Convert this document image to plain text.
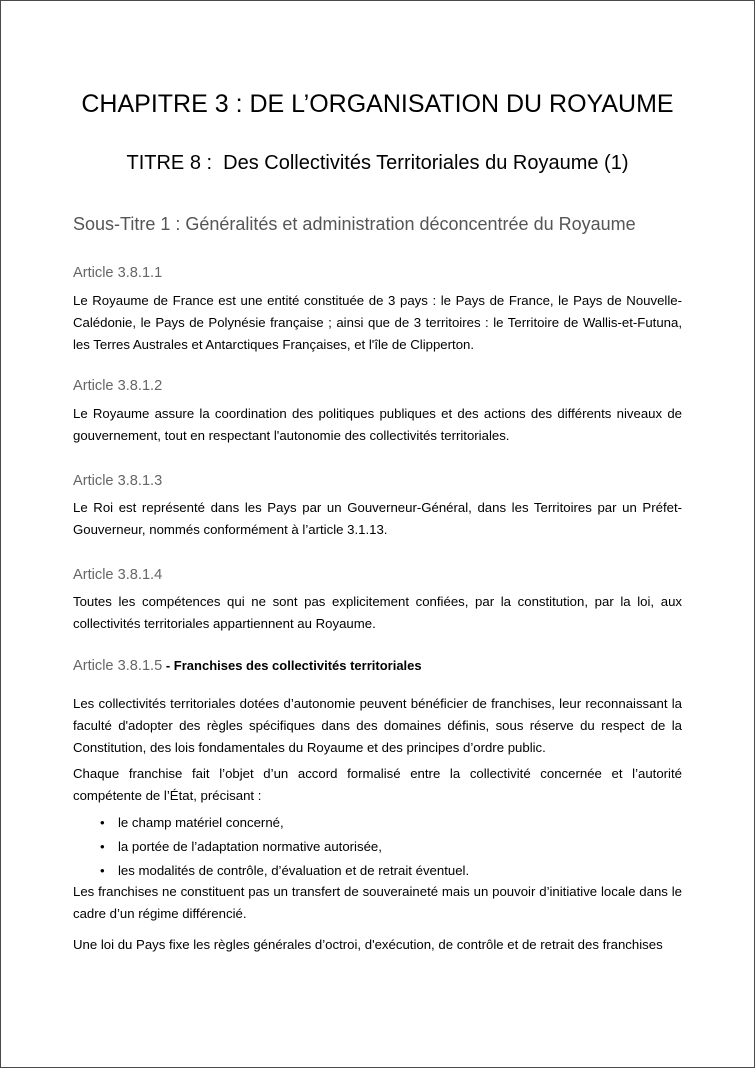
CHAPITRE 3 : DE L’ORGANISATION DU ROYAUME
TITRE 8 :  Des Collectivités Territoriales du Royaume (1)
Sous-Titre 1 : Généralités et administration déconcentrée du Royaume
Article 3.8.1.1

Le Royaume de France est une entité constituée de 3 pays : le Pays de France, le Pays de Nouvelle-Calédonie, le Pays de Polynésie française ; ainsi que de 3 territoires : le Territoire de Wallis-et-Futuna, les Terres Australes et Antarctiques Françaises, et l'île de Clipperton.

Article 3.8.1.2

Le Royaume assure la coordination des politiques publiques et des actions des différents niveaux de gouvernement, tout en respectant l'autonomie des collectivités territoriales.

Article 3.8.1.3

Le Roi est représenté dans les Pays par un Gouverneur-Général, dans les Territoires par un Préfet-Gouverneur, nommés conformément à l’article 3.1.13.

Article 3.8.1.4

Toutes les compétences qui ne sont pas explicitement confiées, par la constitution, par la loi, aux collectivités territoriales appartiennent au Royaume.

Article 3.8.1.5 - Franchises des collectivités territoriales

Les collectivités territoriales dotées d’autonomie peuvent bénéficier de franchises, leur reconnaissant la faculté d'adopter des règles spécifiques dans des domaines définis, sous réserve du respect de la Constitution, des lois fondamentales du Royaume et des principes d’ordre public.

Chaque franchise fait l’objet d’un accord formalisé entre la collectivité concernée et l’autorité compétente de l’État, précisant :

• le champ matériel concerné,
• la portée de l’adaptation normative autorisée,
• les modalités de contrôle, d’évaluation et de retrait éventuel.

Les franchises ne constituent pas un transfert de souveraineté mais un pouvoir d’initiative locale dans le cadre d’un régime différencié.

Une loi du Pays fixe les règles générales d’octroi, d'exécution, de contrôle et de retrait des franchises
